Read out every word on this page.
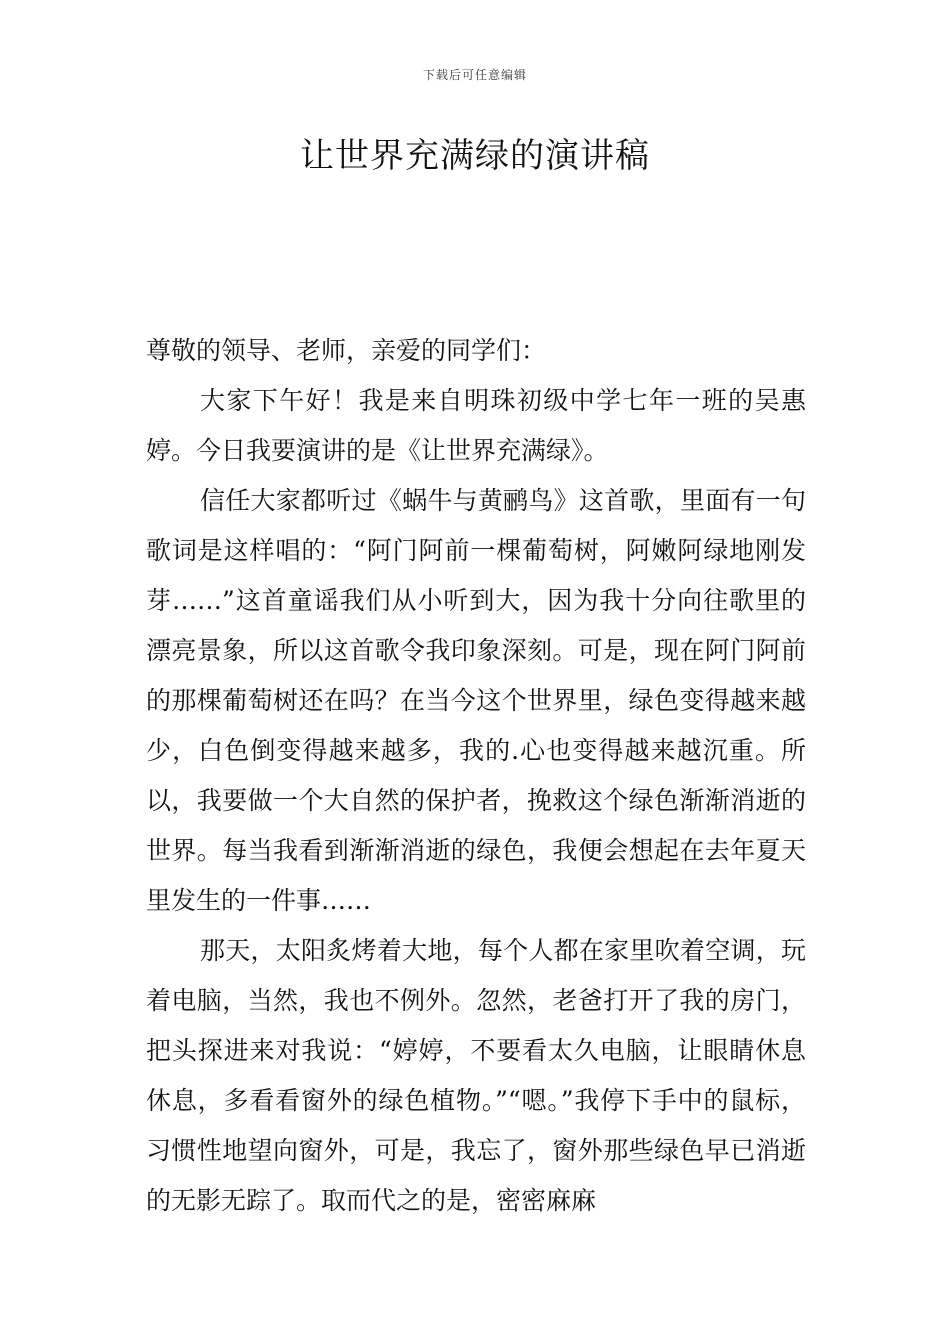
下载后可任意编辑
让世界充满绿的演讲稿

尊敬的领导、老师，亲爱的同学们：

大家下午好！我是来自明珠初级中学七年一班的吴惠婷。今日我要演讲的是《让世界充满绿》。

信任大家都听过《蜗牛与黄鹂鸟》这首歌，里面有一句歌词是这样唱的：“阿门阿前一棵葡萄树，阿嫩阿绿地刚发芽……”这首童谣我们从小听到大，因为我十分向往歌里的漂亮景象，所以这首歌令我印象深刻。可是，现在阿门阿前的那棵葡萄树还在吗？在当今这个世界里，绿色变得越来越少，白色倒变得越来越多，我的.心也变得越来越沉重。所以，我要做一个大自然的保护者，挽救这个绿色渐渐消逝的世界。每当我看到渐渐消逝的绿色，我便会想起在去年夏天里发生的一件事……

那天，太阳炙烤着大地，每个人都在家里吹着空调，玩着电脑，当然，我也不例外。忽然，老爸打开了我的房门，把头探进来对我说：“婷婷，不要看太久电脑，让眼睛休息休息，多看看窗外的绿色植物。”“嗯。”我停下手中的鼠标，习惯性地望向窗外，可是，我忘了，窗外那些绿色早已消逝的无影无踪了。取而代之的是，密密麻麻
